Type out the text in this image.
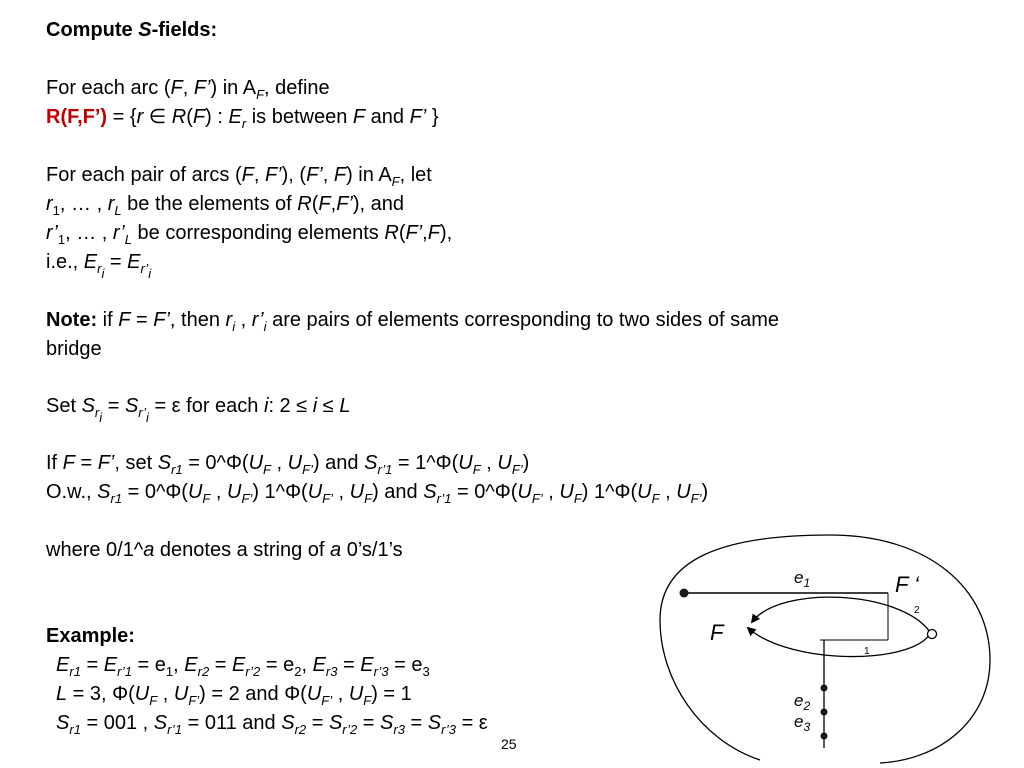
Compute S-fields:
For each arc (F, F’) in $A_F$, define
R(F,F’) = {r ∈ R(F) : $E_r$ is between F and F’ }
For each pair of arcs (F, F’), (F’, F) in $A_F$, let
$r_1$, … , $r_L$ be the elements of R(F,F’), and
$r’_1$, … , $r’_L$ be corresponding elements R(F’,F),
i.e., $E_{r_i} = E_{r’_i}$
Note: if F = F’, then $r_i$ , $r’_i$ are pairs of elements corresponding to two sides of same
bridge
Set $S_{r_i} = S_{r’_i} = \varepsilon$ for each i: 2 ≤ i ≤ L
If F = F’, set $S_{r1}$ = $0\^{}\Phi(U_F$ , $U_{F’}$) and $S_{r’1}$ = $1\^{}\Phi(U_F$ , $U_{F’}$)
O.w., $S_{r1}$ = $0\^{}\Phi(U_F$ , $U_{F’}$) $1\^{}\Phi(U_{F’}$ , $U_F$) and $S_{r’1}$ = $0\^{}\Phi(U_{F’}$ , $U_F$) $1\^{}\Phi(U_F$ , $U_{F’}$)
where 0/1^a denotes a string of a 0’s/1’s
Example:
$E_{r1} = E_{r’1} = e_1$, $E_{r2} = E_{r’2} = e_2$, $E_{r3} = E_{r’3} = e_3$
L = 3, $\Phi(U_F$ , $U_{F’}) = 2$ and $\Phi(U_{F’}$ , $U_F) = 1$
$S_{r1} = 001$ , $S_{r’1} = 011$ and $S_{r2} = S_{r’2} = S_{r3} = S_{r’3} = \varepsilon$
25
$e_1$	F ‘
F
2
1
$e_2$
$e_3$
